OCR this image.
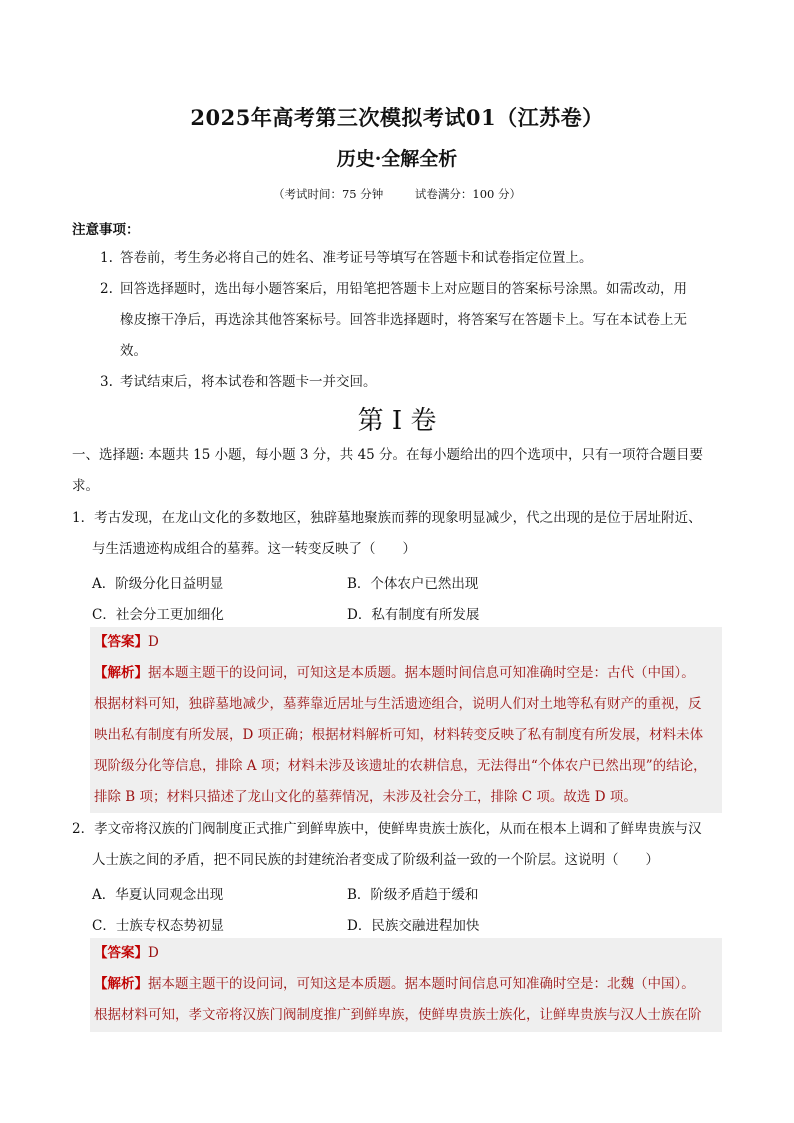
2025年高考第三次模拟考试01（江苏卷）
历史·全解全析
（考试时间：75 分钟	试卷满分：100 分）
注意事项：
1. 答卷前，考生务必将自己的姓名、准考证号等填写在答题卡和试卷指定位置上。
2. 回答选择题时，选出每小题答案后，用铅笔把答题卡上对应题目的答案标号涂黑。如需改动，用
橡皮擦干净后，再选涂其他答案标号。回答非选择题时，将答案写在答题卡上。写在本试卷上无
效。
3. 考试结束后，将本试卷和答题卡一并交回。
第 I 卷
一、选择题: 本题共 15 小题，每小题 3 分，共 45 分。在每小题给出的四个选项中，只有一项符合题目要
求。
1．考古发现，在龙山文化的多数地区，独辟墓地聚族而葬的现象明显减少，代之出现的是位于居址附近、
与生活遗迹构成组合的墓葬。这一转变反映了（　　）
A．阶级分化日益明显	B．个体农户已然出现
C．社会分工更加细化	D．私有制度有所发展
【答案】D
【解析】据本题主题干的设问词，可知这是本质题。据本题时间信息可知准确时空是：古代（中国）。
根据材料可知，独辟墓地减少，墓葬靠近居址与生活遗迹组合，说明人们对土地等私有财产的重视，反
映出私有制度有所发展，D 项正确；根据材料解析可知，材料转变反映了私有制度有所发展，材料未体
现阶级分化等信息，排除 A 项；材料未涉及该遗址的农耕信息，无法得出“个体农户已然出现”的结论，
排除 B 项；材料只描述了龙山文化的墓葬情况，未涉及社会分工，排除 C 项。故选 D 项。
2．孝文帝将汉族的门阀制度正式推广到鲜卑族中，使鲜卑贵族士族化，从而在根本上调和了鲜卑贵族与汉
人士族之间的矛盾，把不同民族的封建统治者变成了阶级利益一致的一个阶层。这说明（　　）
A．华夏认同观念出现	B．阶级矛盾趋于缓和
C．士族专权态势初显	D．民族交融进程加快
【答案】D
【解析】据本题主题干的设问词，可知这是本质题。据本题时间信息可知准确时空是：北魏（中国）。
根据材料可知，孝文帝将汉族门阀制度推广到鲜卑族，使鲜卑贵族士族化，让鲜卑贵族与汉人士族在阶
